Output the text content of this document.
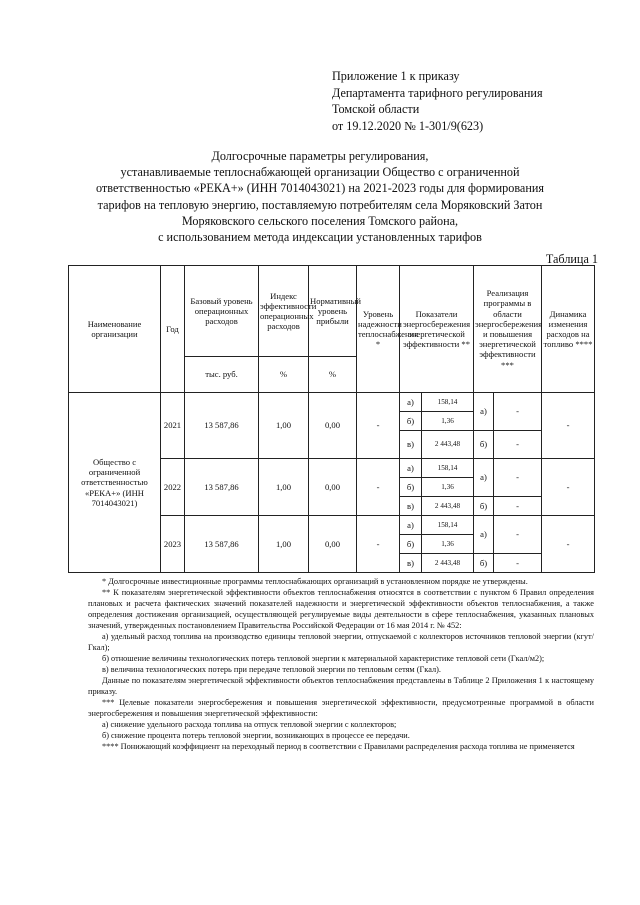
Приложение 1 к приказу
Департамента тарифного регулирования
Томской области
от 19.12.2020 № 1-301/9(623)
Долгосрочные параметры регулирования,
устанавливаемые теплоснабжающей организации Общество с ограниченной
ответственностью «РЕКА+» (ИНН 7014043021) на 2021-2023 годы для формирования
тарифов на тепловую энергию, поставляемую потребителям села Моряковский Затон
Моряковского сельского поселения Томского района,
с использованием метода индексации установленных тарифов
Таблица 1
Наименование организации	Год	Базовый уровень операционных расходов	Индекс эффективности операционных расходов	Нормативный уровень прибыли	Уровень надежности теплоснабжения *	Показатели энергосбережения энергетической эффективности **		Реализация программы в области энергосбережения и повышения энергетической эффективности ***		Динамика изменения расходов на топливо ****
		тыс. руб.	%	%						
Общество с ограниченной ответственностью «РЕКА+» (ИНН 7014043021)	2021	13 587,86	1,00	0,00	-	а)	158,14	а)	-	-
						б)	1,36			
						в)	2 443,48	б)	-	
	2022	13 587,86	1,00	0,00	-	а)	158,14	а)	-	-
						б)	1,36			
						в)	2 443,48	б)	-	
	2023	13 587,86	1,00	0,00	-	а)	158,14	а)	-	-
						б)	1,36			
						в)	2 443,48	б)	-	

* Долгосрочные инвестиционные программы теплоснабжающих организаций в установленном порядке не утверждены.

** К показателям энергетической эффективности объектов теплоснабжения относятся в соответствии с пунктом 6 Правил определения плановых и расчета фактических значений показателей надежности и энергетической эффективности объектов теплоснабжения, а также определения достижения организацией, осуществляющей регулируемые виды деятельности в сфере теплоснабжения, указанных плановых значений, утвержденных постановлением Правительства Российской Федерации от 16 мая 2014 г. № 452:

а) удельный расход топлива на производство единицы тепловой энергии, отпускаемой с коллекторов источников тепловой энергии (кгут/Гкал);

б) отношение величины технологических потерь тепловой энергии к материальной характеристике тепловой сети (Гкал/м2);

в) величина технологических потерь при передаче тепловой энергии по тепловым сетям (Гкал).

Данные по показателям энергетической эффективности объектов теплоснабжения представлены в Таблице 2 Приложения 1 к настоящему приказу.

*** Целевые показатели энергосбережения и повышения энергетической эффективности, предусмотренные программой в области энергосбережения и повышения энергетической эффективности:

а) снижение удельного расхода топлива на отпуск тепловой энергии с коллекторов;

б) снижение процента потерь тепловой энергии, возникающих в процессе ее передачи.

**** Понижающий коэффициент на переходный период в соответствии с Правилами распределения расхода топлива не применяется
